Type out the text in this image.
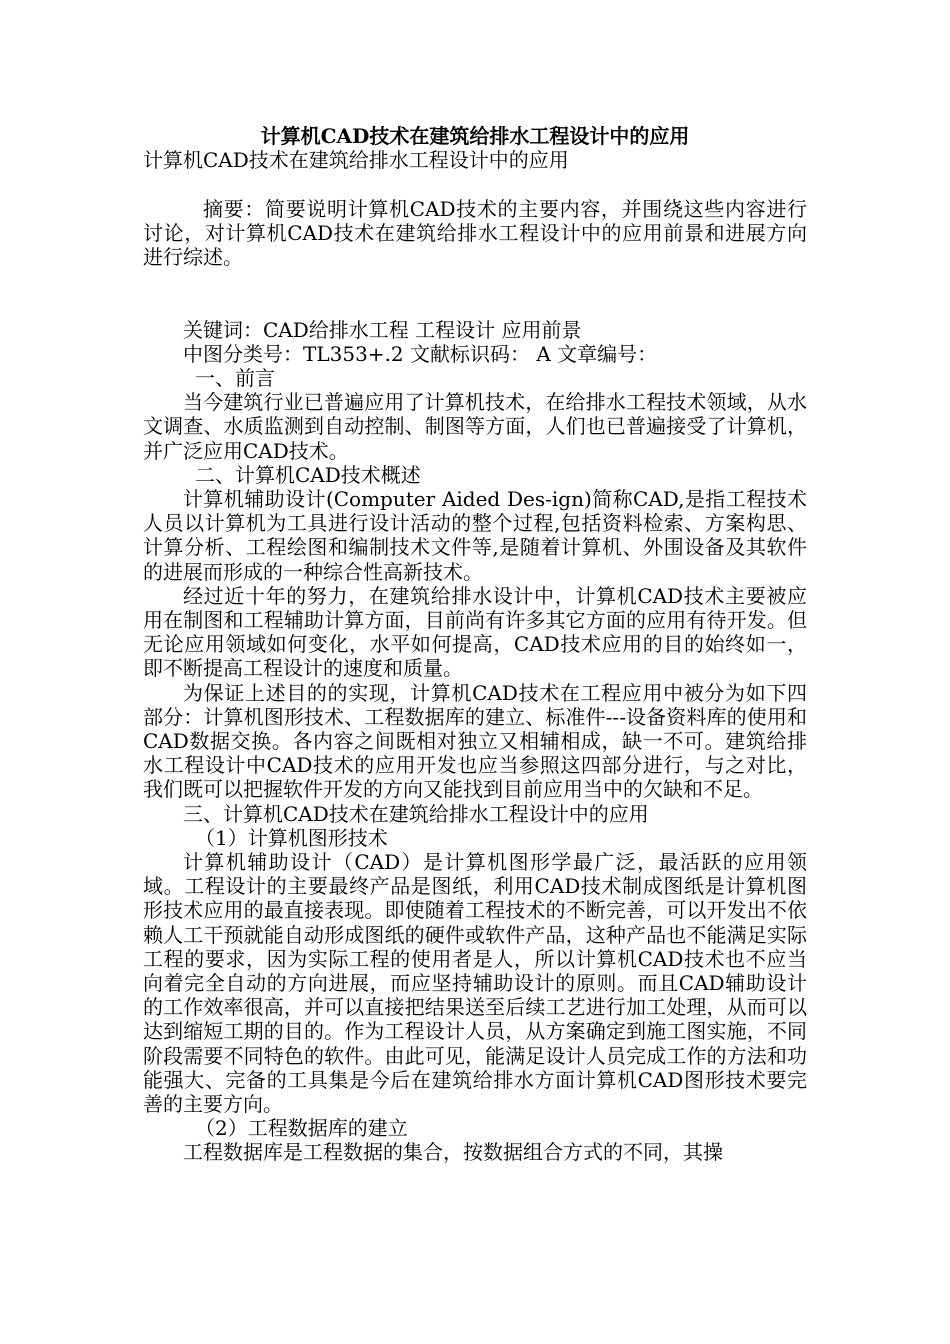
计算机CAD技术在建筑给排水工程设计中的应用

计算机CAD技术在建筑给排水工程设计中的应用

摘要：简要说明计算机CAD技术的主要内容，并围绕这些内容进行讨论，对计算机CAD技术在建筑给排水工程设计中的应用前景和进展方向进行综述。

关键词：CAD给排水工程 工程设计 应用前景

中图分类号：TL353+.2 文献标识码： A 文章编号：

一、前言

当今建筑行业已普遍应用了计算机技术，在给排水工程技术领域，从水文调查、水质监测到自动控制、制图等方面，人们也已普遍接受了计算机，并广泛应用CAD技术。

二、计算机CAD技术概述

计算机辅助设计(Computer Aided Des-ign)简称CAD,是指工程技术人员以计算机为工具进行设计活动的整个过程,包括资料检索、方案构思、计算分析、工程绘图和编制技术文件等,是随着计算机、外围设备及其软件的进展而形成的一种综合性高新技术。

经过近十年的努力，在建筑给排水设计中，计算机CAD技术主要被应用在制图和工程辅助计算方面，目前尚有许多其它方面的应用有待开发。但无论应用领域如何变化，水平如何提高，CAD技术应用的目的始终如一，即不断提高工程设计的速度和质量。

为保证上述目的的实现，计算机CAD技术在工程应用中被分为如下四部分：计算机图形技术、工程数据库的建立、标准件---设备资料库的使用和CAD数据交换。各内容之间既相对独立又相辅相成，缺一不可。建筑给排水工程设计中CAD技术的应用开发也应当参照这四部分进行，与之对比，我们既可以把握软件开发的方向又能找到目前应用当中的欠缺和不足。

三、计算机CAD技术在建筑给排水工程设计中的应用

（1）计算机图形技术

计算机辅助设计（CAD）是计算机图形学最广泛，最活跃的应用领域。工程设计的主要最终产品是图纸，利用CAD技术制成图纸是计算机图形技术应用的最直接表现。即使随着工程技术的不断完善，可以开发出不依赖人工干预就能自动形成图纸的硬件或软件产品，这种产品也不能满足实际工程的要求，因为实际工程的使用者是人，所以计算机CAD技术也不应当向着完全自动的方向进展，而应坚持辅助设计的原则。而且CAD辅助设计的工作效率很高，并可以直接把结果送至后续工艺进行加工处理，从而可以达到缩短工期的目的。作为工程设计人员，从方案确定到施工图实施，不同阶段需要不同特色的软件。由此可见，能满足设计人员完成工作的方法和功能强大、完备的工具集是今后在建筑给排水方面计算机CAD图形技术要完善的主要方向。

（2）工程数据库的建立

工程数据库是工程数据的集合，按数据组合方式的不同，其操
